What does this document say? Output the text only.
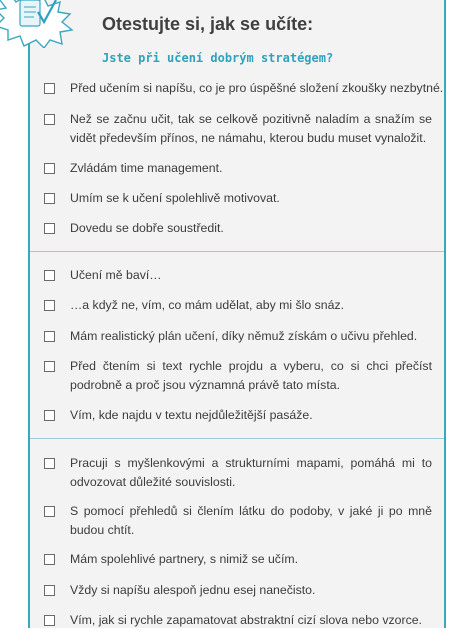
Otestujte si, jak se učíte:
Jste při učení dobrým stratégem?
Před učením si napíšu, co je pro úspěšné složení zkoušky nezbytné.
Než se začnu učit, tak se celkově pozitivně naladím a snažím se vidět především přínos, ne námahu, kterou budu muset vynaložit.
Zvládám time management.
Umím se k učení spolehlivě motivovat.
Dovedu se dobře soustředit.
Učení mě baví…
…a když ne, vím, co mám udělat, aby mi šlo snáz.
Mám realistický plán učení, díky němuž získám o učivu přehled.
Před čtením si text rychle projdu a vyberu, co si chci přečíst podrobně a proč jsou významná právě tato místa.
Vím, kde najdu v textu nejdůležitější pasáže.
Pracuji s myšlenkovými a strukturními mapami, pomáhá mi to odvozovat důležité souvislosti.
S pomocí přehledů si člením látku do podoby, v jaké ji po mně budou chtít.
Mám spolehlivé partnery, s nimiž se učím.
Vždy si napíšu alespoň jednu esej nanečisto.
Vím, jak si rychle zapamatovat abstraktní cizí slova nebo vzorce.
